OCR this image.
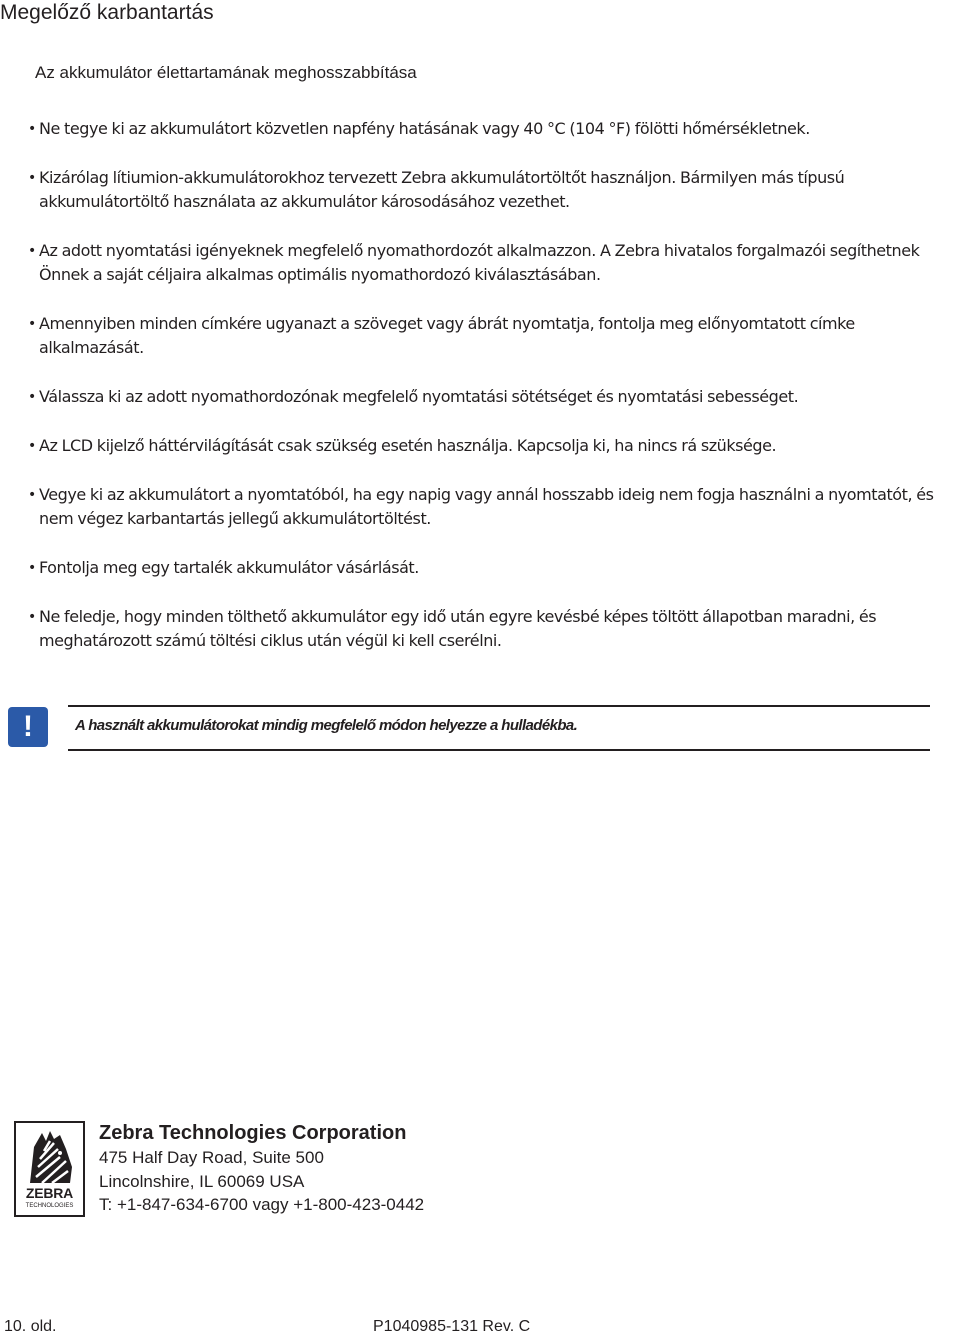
Megelőző karbantartás
Az akkumulátor élettartamának meghosszabbítása
• Ne tegye ki az akkumulátort közvetlen napfény hatásának vagy 40 °C (104 °F) fölötti hőmérsékletnek.
• Kizárólag lítiumion-akkumulátorokhoz tervezett Zebra akkumulátortöltőt használjon. Bármilyen más típusú akkumulátortöltő használata az akkumulátor károsodásához vezethet.
• Az adott nyomtatási igényeknek megfelelő nyomathordozót alkalmazzon. A Zebra hivatalos forgalmazói segíthetnek Önnek a saját céljaira alkalmas optimális nyomathordozó kiválasztásában.
• Amennyiben minden címkére ugyanazt a szöveget vagy ábrát nyomtatja, fontolja meg előnyomtatott címke alkalmazását.
• Válassza ki az adott nyomathordozónak megfelelő nyomtatási sötétséget és nyomtatási sebességet.
• Az LCD kijelző háttérvilágítását csak szükség esetén használja. Kapcsolja ki, ha nincs rá szüksége.
• Vegye ki az akkumulátort a nyomtatóból, ha egy napig vagy annál hosszabb ideig nem fogja használni a nyomtatót, és nem végez karbantartás jellegű akkumulátortöltést.
• Fontolja meg egy tartalék akkumulátor vásárlását.
• Ne feledje, hogy minden tölthető akkumulátor egy idő után egyre kevésbé képes töltött állapotban maradni, és meghatározott számú töltési ciklus után végül ki kell cserélni.
!	A használt akkumulátorokat mindig megfelelő módon helyezze a hulladékba.
ZEBRA
TECHNOLOGIES
Zebra Technologies Corporation
475 Half Day Road, Suite 500
Lincolnshire, IL 60069 USA
T: +1-847-634-6700 vagy +1-800-423-0442
10. old.	P1040985-131 Rev. C
